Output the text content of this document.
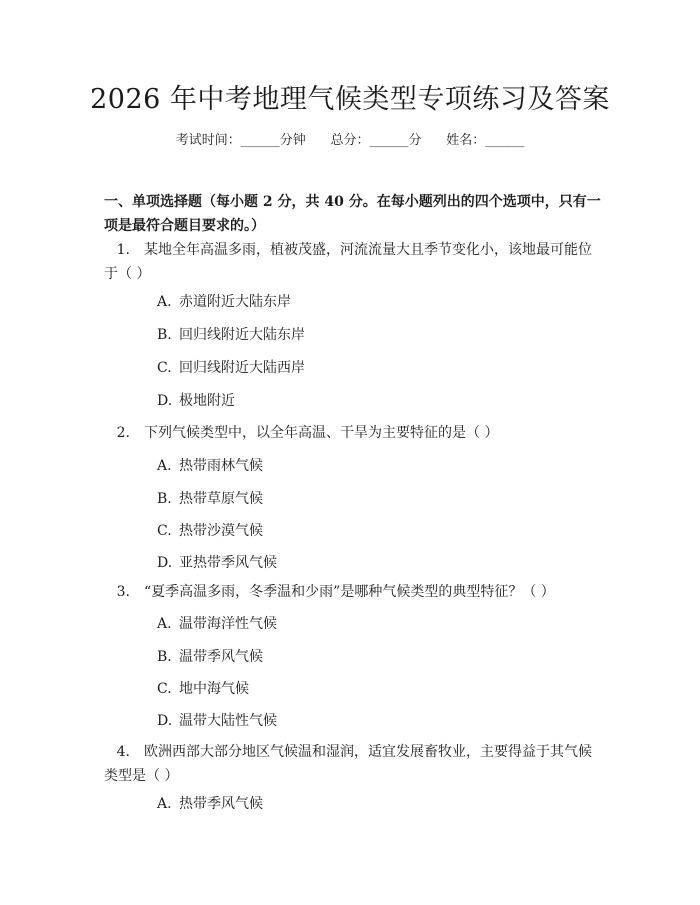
2026 年中考地理气候类型专项练习及答案
考试时间：______分钟      总分：______分      姓名：______
一、单项选择题（每小题 2 分，共 40 分。在每小题列出的四个选项中，只有一项是最符合题目要求的。）
1. 某地全年高温多雨，植被茂盛，河流流量大且季节变化小，该地最可能位于（ ）
A. 赤道附近大陆东岸
B. 回归线附近大陆东岸
C. 回归线附近大陆西岸
D. 极地附近
2. 下列气候类型中，以全年高温、干旱为主要特征的是（ ）
A. 热带雨林气候
B. 热带草原气候
C. 热带沙漠气候
D. 亚热带季风气候
3. “夏季高温多雨，冬季温和少雨”是哪种气候类型的典型特征？（ ）
A. 温带海洋性气候
B. 温带季风气候
C. 地中海气候
D. 温带大陆性气候
4. 欧洲西部大部分地区气候温和湿润，适宜发展畜牧业，主要得益于其气候类型是（ ）
A. 热带季风气候
